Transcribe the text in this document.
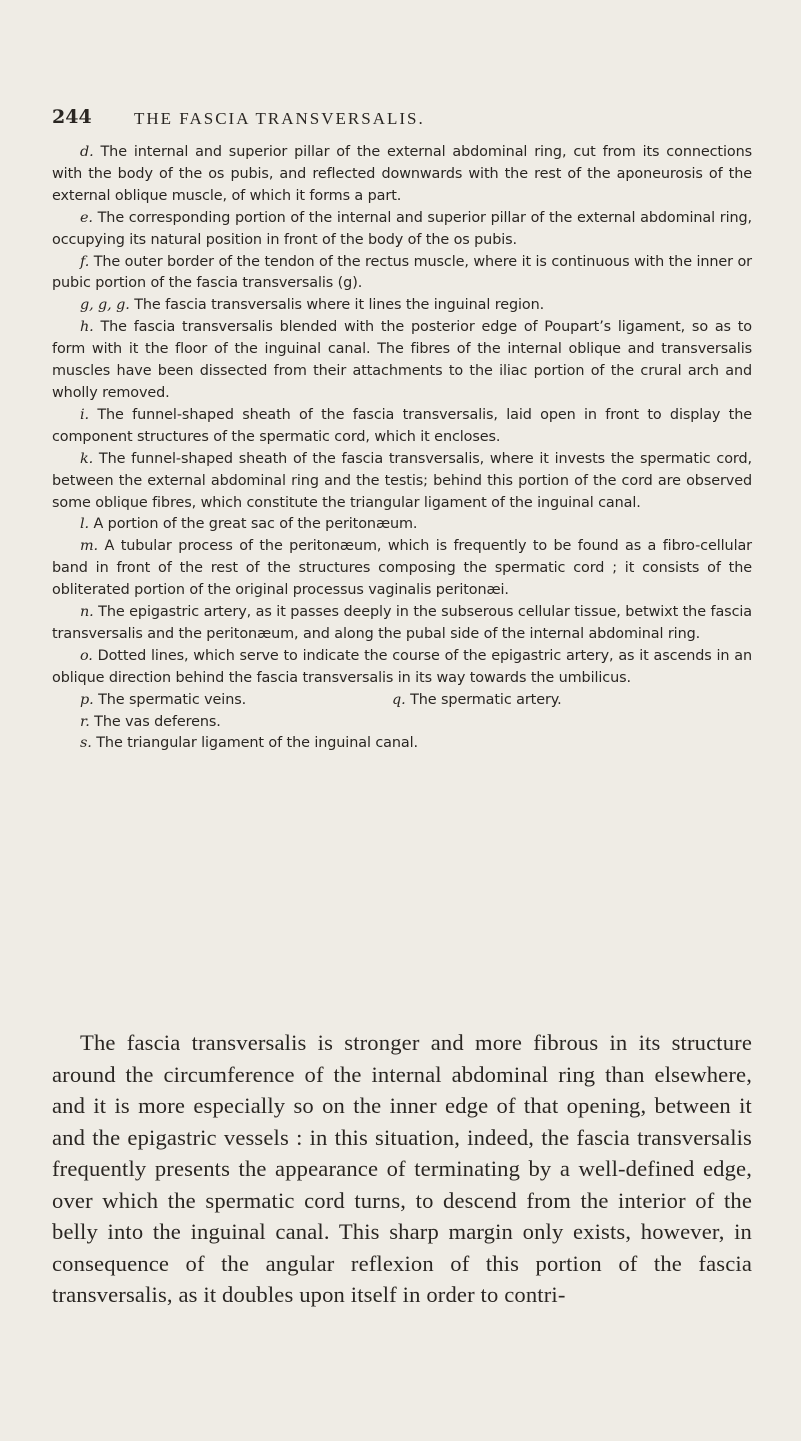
244 THE FASCIA TRANSVERSALIS.

d. The internal and superior pillar of the external abdominal ring, cut from its connections with the body of the os pubis, and reflected downwards with the rest of the aponeurosis of the external oblique muscle, of which it forms a part.

e. The corresponding portion of the internal and superior pillar of the external abdominal ring, occupying its natural position in front of the body of the os pubis.

f. The outer border of the tendon of the rectus muscle, where it is continuous with the inner or pubic portion of the fascia transversalis (g).

g, g, g. The fascia transversalis where it lines the inguinal region.

h. The fascia transversalis blended with the posterior edge of Poupart’s ligament, so as to form with it the floor of the inguinal canal. The fibres of the internal oblique and transversalis muscles have been dissected from their attachments to the iliac portion of the crural arch and wholly removed.

i. The funnel-shaped sheath of the fascia transversalis, laid open in front to display the component structures of the spermatic cord, which it encloses.

k. The funnel-shaped sheath of the fascia transversalis, where it invests the spermatic cord, between the external abdominal ring and the testis; behind this portion of the cord are observed some oblique fibres, which constitute the triangular ligament of the inguinal canal.

l. A portion of the great sac of the peritonæum.

m. A tubular process of the peritonæum, which is frequently to be found as a fibro-cellular band in front of the rest of the structures composing the spermatic cord ; it consists of the obliterated portion of the original processus vaginalis peritonæi.

n. The epigastric artery, as it passes deeply in the subserous cellular tissue, betwixt the fascia transversalis and the peritonæum, and along the pubal side of the internal abdominal ring.

o. Dotted lines, which serve to indicate the course of the epigastric artery, as it ascends in an oblique direction behind the fascia transversalis in its way towards the umbilicus.

p. The spermatic veins.	q. The spermatic artery.

r. The vas deferens.

s. The triangular ligament of the inguinal canal.

The fascia transversalis is stronger and more fibrous in its structure around the circumference of the internal abdominal ring than elsewhere, and it is more especially so on the inner edge of that opening, between it and the epigastric vessels : in this situation, indeed, the fascia transversalis frequently presents the appearance of terminating by a well-defined edge, over which the spermatic cord turns, to descend from the interior of the belly into the inguinal canal. This sharp margin only exists, however, in consequence of the angular reflexion of this portion of the fascia transversalis, as it doubles upon itself in order to contri-
